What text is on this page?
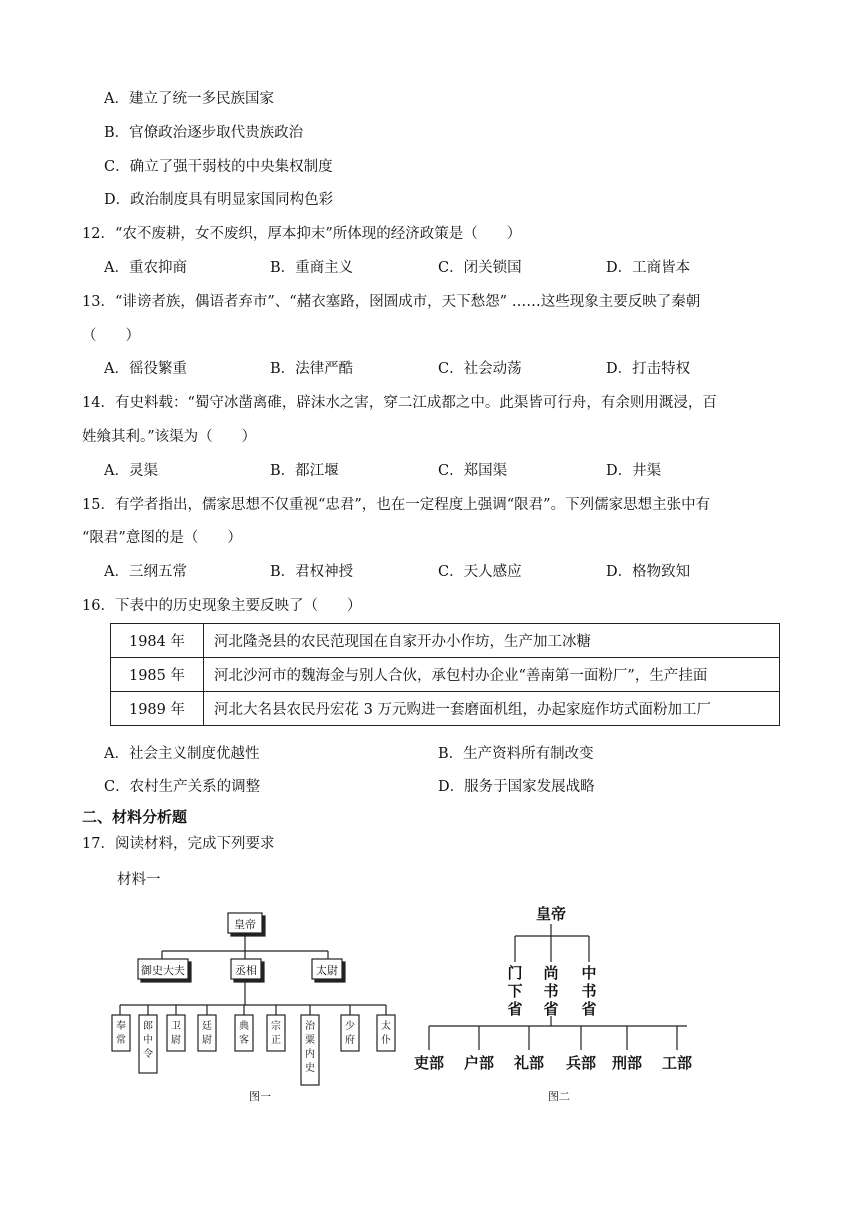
A．建立了统一多民族国家
B．官僚政治逐步取代贵族政治
C．确立了强干弱枝的中央集权制度
D．政治制度具有明显家国同构色彩
12．“农不废耕，女不废织，厚本抑末”所体现的经济政策是（　　）
A．重农抑商	B．重商主义	C．闭关锁国	D．工商皆本
13．“诽谤者族，偶语者弃市”、“赭衣塞路，囹圄成市，天下愁怨” ……这些现象主要反映了秦朝
（　　）
A．徭役繁重	B．法律严酷	C．社会动荡	D．打击特权
14．有史料载：“蜀守冰凿离碓，辟沫水之害，穿二江成都之中。此渠皆可行舟，有余则用溉浸，百
姓飨其利。”该渠为（　　）
A．灵渠	B．都江堰	C．郑国渠	D．井渠
15．有学者指出，儒家思想不仅重视“忠君”，也在一定程度上强调“限君”。下列儒家思想主张中有
“限君”意图的是（　　）
A．三纲五常	B．君权神授	C．天人感应	D．格物致知
16．下表中的历史现象主要反映了（　　）
1984 年	河北隆尧县的农民范现国在自家开办小作坊，生产加工冰糖
1985 年	河北沙河市的魏海金与别人合伙，承包村办企业“善南第一面粉厂”，生产挂面
1989 年	河北大名县农民丹宏花 3 万元购进一套磨面机组，办起家庭作坊式面粉加工厂
A．社会主义制度优越性	B．生产资料所有制改变
C．农村生产关系的调整	D．服务于国家发展战略
二、材料分析题
17．阅读材料，完成下列要求
材料一
皇帝
御史大夫	丞相	太尉
奉常
郎中令
卫尉
廷尉
典客
宗正
治粟内史
少府
太仆
图一
皇帝
门下省
尚书省
中书省
吏部 户部 礼部 兵部 刑部 工部
图二
